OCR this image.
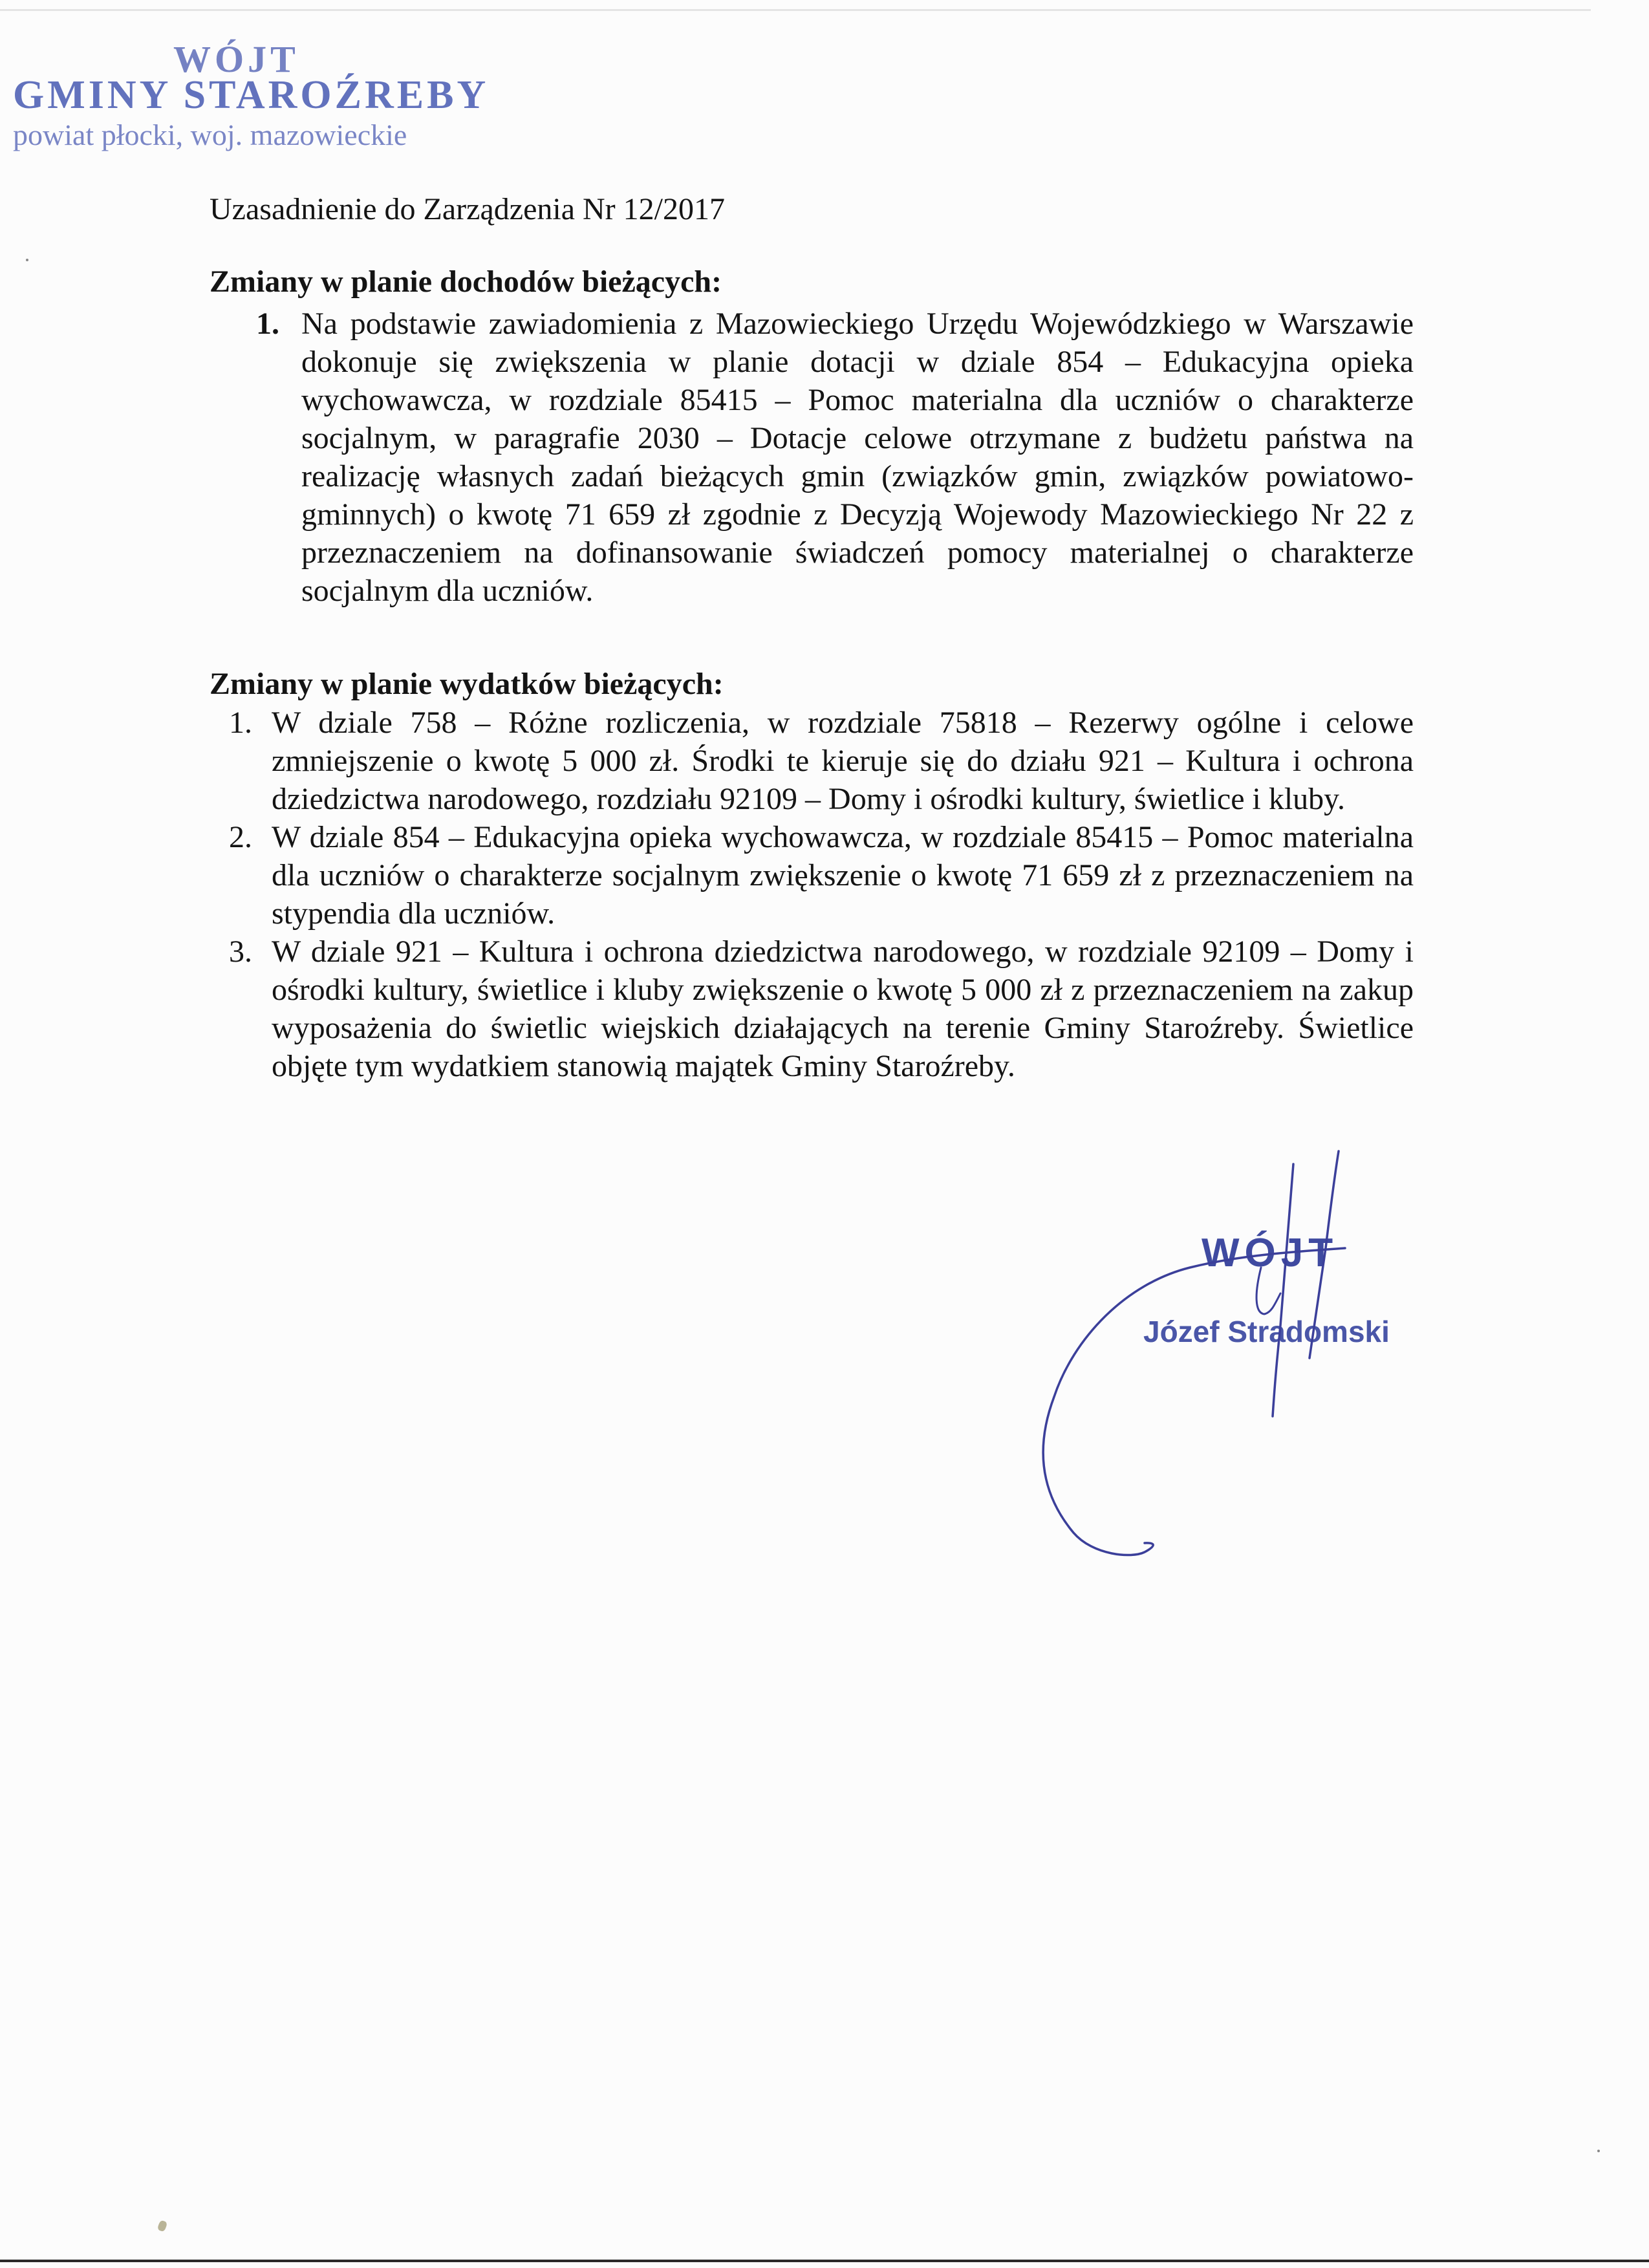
WÓJT
GMINY STAROŹREBY
powiat płocki, woj. mazowieckie
Uzasadnienie do Zarządzenia Nr 12/2017
Zmiany w planie dochodów bieżących:
1. Na podstawie zawiadomienia z Mazowieckiego Urzędu Wojewódzkiego w Warszawie dokonuje się zwiększenia w planie dotacji w dziale 854 – Edukacyjna opieka wychowawcza, w rozdziale 85415 – Pomoc materialna dla uczniów o charakterze socjalnym, w paragrafie 2030 – Dotacje celowe otrzymane z budżetu państwa na realizację własnych zadań bieżących gmin (związków gmin, związków powiatowo-gminnych) o kwotę 71 659 zł zgodnie z Decyzją Wojewody Mazowieckiego Nr 22 z przeznaczeniem na dofinansowanie świadczeń pomocy materialnej o charakterze socjalnym dla uczniów.
Zmiany w planie wydatków bieżących:
1. W dziale 758 – Różne rozliczenia, w rozdziale 75818 – Rezerwy ogólne i celowe zmniejszenie o kwotę 5 000 zł. Środki te kieruje się do działu 921 – Kultura i ochrona dziedzictwa narodowego, rozdziału 92109 – Domy i ośrodki kultury, świetlice i kluby.
2. W dziale 854 – Edukacyjna opieka wychowawcza, w rozdziale 85415 – Pomoc materialna dla uczniów o charakterze socjalnym zwiększenie o kwotę 71 659 zł z przeznaczeniem na stypendia dla uczniów.
3. W dziale 921 – Kultura i ochrona dziedzictwa narodowego, w rozdziale 92109 – Domy i ośrodki kultury, świetlice i kluby zwiększenie o kwotę 5 000 zł z przeznaczeniem na zakup wyposażenia do świetlic wiejskich działających na terenie Gminy Staroźreby. Świetlice objęte tym wydatkiem stanowią majątek Gminy Staroźreby.
WÓJT
Józef Stradomski
